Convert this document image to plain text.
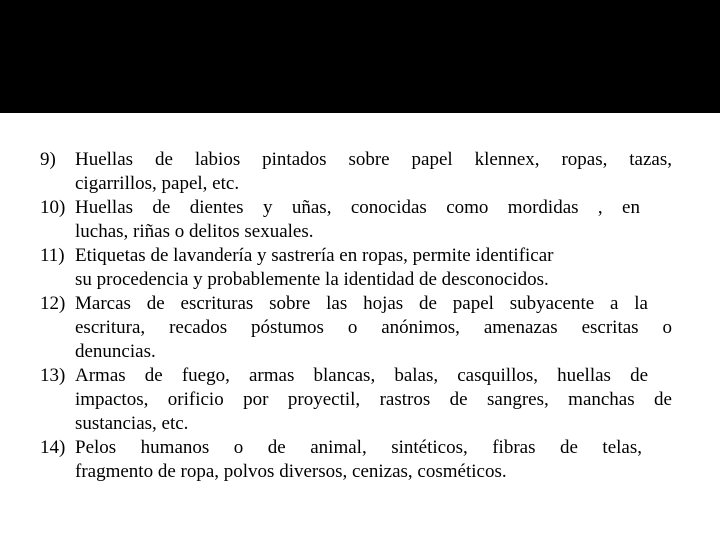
9) Huellas de labios pintados sobre papel klennex, ropas, tazas,
cigarrillos, papel, etc.
10) Huellas de dientes y uñas, conocidas como mordidas , en
luchas, riñas o delitos sexuales.
11) Etiquetas de lavandería y sastrería en ropas, permite identificar
su procedencia y probablemente la identidad de desconocidos.
12) Marcas de escrituras sobre las hojas de papel subyacente a la
escritura, recados póstumos o anónimos, amenazas escritas o
denuncias.
13) Armas de fuego, armas blancas, balas, casquillos, huellas de
impactos, orificio por proyectil, rastros de sangres, manchas de
sustancias, etc.
14) Pelos humanos o de animal, sintéticos, fibras de telas,
fragmento de ropa, polvos diversos, cenizas, cosméticos.
